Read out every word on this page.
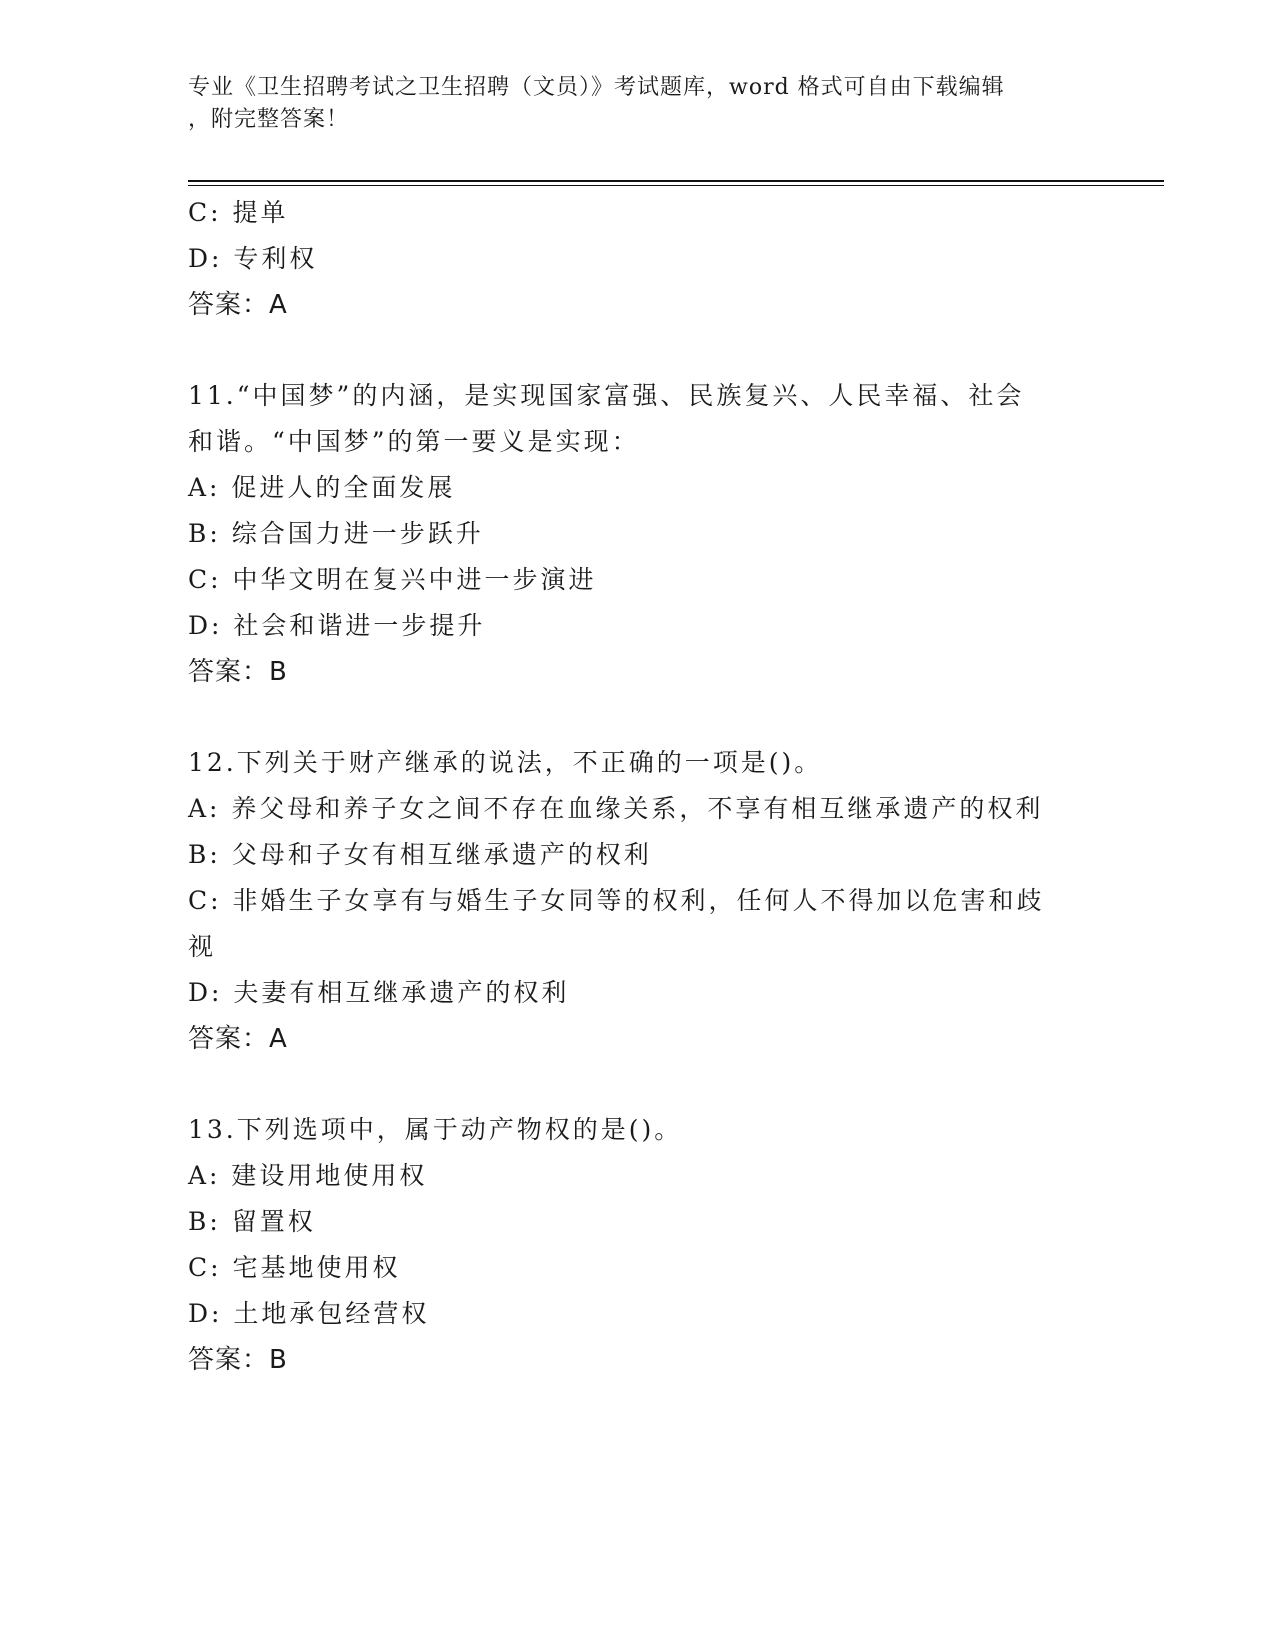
专业《卫生招聘考试之卫生招聘（文员）》考试题库，word 格式可自由下载编辑
，附完整答案！
C: 提单
D: 专利权
答案：A
11.“中国梦”的内涵，是实现国家富强、民族复兴、人民幸福、社会
和谐。“中国梦”的第一要义是实现：
A: 促进人的全面发展
B: 综合国力进一步跃升
C: 中华文明在复兴中进一步演进
D: 社会和谐进一步提升
答案：B
12.下列关于财产继承的说法，不正确的一项是()。
A: 养父母和养子女之间不存在血缘关系，不享有相互继承遗产的权利
B: 父母和子女有相互继承遗产的权利
C: 非婚生子女享有与婚生子女同等的权利，任何人不得加以危害和歧
视
D: 夫妻有相互继承遗产的权利
答案：A
13.下列选项中，属于动产物权的是()。
A: 建设用地使用权
B: 留置权
C: 宅基地使用权
D: 土地承包经营权
答案：B
